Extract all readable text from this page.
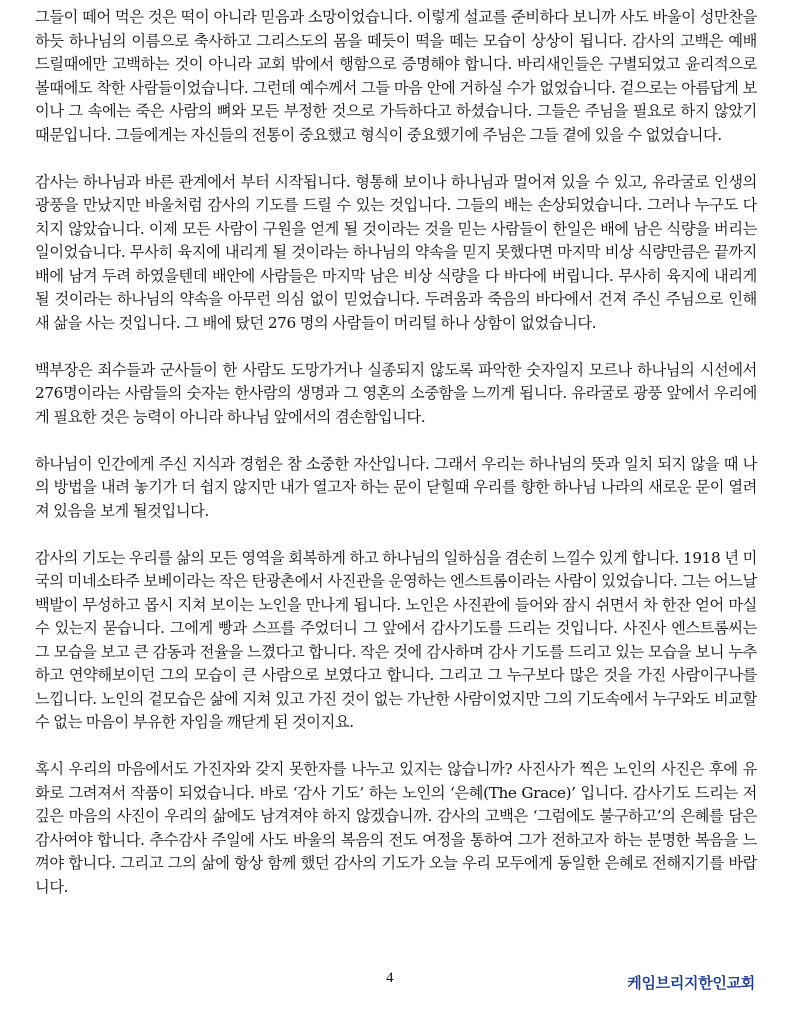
그들이 떼어 먹은 것은 떡이 아니라 믿음과 소망이었습니다. 이렇게 설교를 준비하다 보니까 사도 바울이 성만찬을 하듯 하나님의 이름으로 축사하고 그리스도의 몸을 떼듯이 떡을 떼는 모습이 상상이 됩니다. 감사의 고백은 예배 드릴때에만 고백하는 것이 아니라 교회 밖에서 행함으로 증명해야 합니다. 바리새인들은 구별되었고 윤리적으로 볼때에도 착한 사람들이었습니다. 그런데 예수께서 그들 마음 안에 거하실 수가 없었습니다. 겉으로는 아름답게 보이나 그 속에는 죽은 사람의 뼈와 모든 부정한 것으로 가득하다고 하셨습니다. 그들은 주님을 필요로 하지 않았기 때문입니다. 그들에게는 자신들의 전통이 중요했고 형식이 중요했기에 주님은 그들 곁에 있을 수 없었습니다.

감사는 하나님과 바른 관계에서 부터 시작됩니다. 형통해 보이나 하나님과 멀어져 있을 수 있고, 유라굴로 인생의 광풍을 만났지만 바울처럼 감사의 기도를 드릴 수 있는 것입니다. 그들의 배는 손상되었습니다. 그러나 누구도 다치지 않았습니다. 이제 모든 사람이 구원을 얻게 될 것이라는 것을 믿는 사람들이 한일은 배에 남은 식량을 버리는 일이었습니다. 무사히 육지에 내리게 될 것이라는 하나님의 약속을 믿지 못했다면 마지막 비상 식량만큼은 끝까지 배에 남겨 두려 하였을텐데 배안에 사람들은 마지막 남은 비상 식량을 다 바다에 버립니다. 무사히 육지에 내리게 될 것이라는 하나님의 약속을 아무런 의심 없이 믿었습니다. 두려움과 죽음의 바다에서 건져 주신 주님으로 인해 새 삶을 사는 것입니다. 그 배에 탔던 276 명의 사람들이 머리털 하나 상함이 없었습니다.

백부장은 죄수들과 군사들이 한 사람도 도망가거나 실종되지 않도록 파악한 숫자일지 모르나 하나님의 시선에서 276명이라는 사람들의 숫자는 한사람의 생명과 그 영혼의 소중함을 느끼게 됩니다. 유라굴로 광풍 앞에서 우리에게 필요한 것은 능력이 아니라 하나님 앞에서의 겸손함입니다.

하나님이 인간에게 주신 지식과 경험은 참 소중한 자산입니다. 그래서 우리는 하나님의 뜻과 일치 되지 않을 때 나의 방법을 내려 놓기가 더 쉽지 않지만 내가 열고자 하는 문이 닫힐때 우리를 향한 하나님 나라의 새로운 문이 열려져 있음을 보게 될것입니다.

감사의 기도는 우리를 삶의 모든 영역을 회복하게 하고 하나님의 일하심을 겸손히 느낄수 있게 합니다. 1918 년 미국의 미네소타주 보베이라는 작은 탄광촌에서 사진관을 운영하는 엔스트롬이라는 사람이 있었습니다. 그는 어느날 백발이 무성하고 몹시 지쳐 보이는 노인을 만나게 됩니다. 노인은 사진관에 들어와 잠시 쉬면서 차 한잔 얻어 마실수 있는지 묻습니다. 그에게 빵과 스프를 주었더니 그 앞에서 감사기도를 드리는 것입니다. 사진사 엔스트롬씨는 그 모습을 보고 큰 감동과 전율을 느꼈다고 합니다. 작은 것에 감사하며 감사 기도를 드리고 있는 모습을 보니 누추하고 연약해보이던 그의 모습이 큰 사람으로 보였다고 합니다. 그리고 그 누구보다 많은 것을 가진 사람이구나를 느낍니다. 노인의 겉모습은 삶에 지쳐 있고 가진 것이 없는 가난한 사람이었지만 그의 기도속에서 누구와도 비교할수 없는 마음이 부유한 자임을 깨닫게 된 것이지요.

혹시 우리의 마음에서도 가진자와 갖지 못한자를 나누고 있지는 않습니까? 사진사가 찍은 노인의 사진은 후에 유화로 그려져서 작품이 되었습니다. 바로 ‘감사 기도’ 하는 노인의 ‘은혜(The Grace)’ 입니다. 감사기도 드리는 저 깊은 마음의 사진이 우리의 삶에도 남겨져야 하지 않겠습니까. 감사의 고백은 ‘그럼에도 불구하고’의 은혜를 담은 감사여야 합니다. 추수감사 주일에 사도 바울의 복음의 전도 여정을 통하여 그가 전하고자 하는 분명한 복음을 느껴야 합니다. 그리고 그의 삶에 항상 함께 했던 감사의 기도가 오늘 우리 모두에게 동일한 은혜로 전해지기를 바랍니다.

4	케임브리지한인교회
